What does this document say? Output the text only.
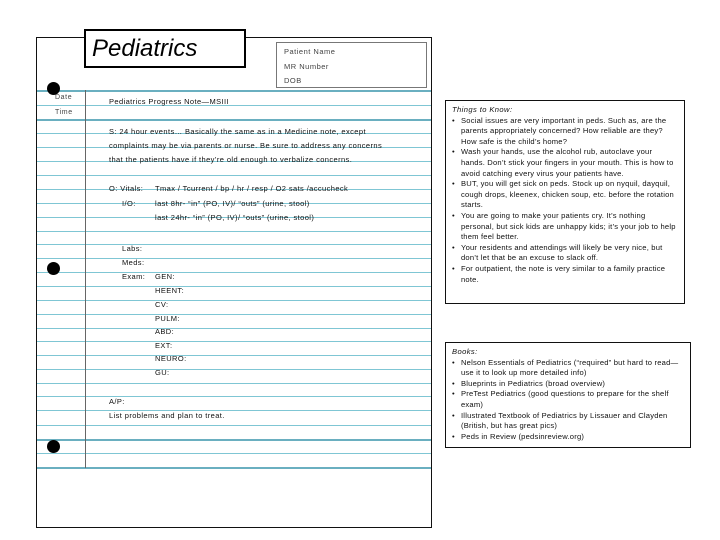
Pediatrics	Patient Name
MR Number
DOB
Date
Time
Pediatrics Progress Note—MSIII
S: 24 hour events… Basically the same as in a Medicine note, except
complaints may be via parents or nurse. Be sure to address any concerns
that the patients have if they’re old enough to verbalize concerns.
O: Vitals: Tmax / Tcurrent / bp / hr / resp / O2 sats /accucheck
I/O:	last 8hr- “in” (PO, IV)/ “outs” (urine, stool)
last 24hr- “in” (PO, IV)/ “outs” (urine, stool)
Labs:
Meds:
Exam: GEN:
HEENT:
CV:
PULM:
ABD:
EXT:
NEURO:
GU:
A/P:
List problems and plan to treat.
Things to Know:
• Social issues are very important in peds. Such as, are the parents appropriately concerned? How reliable are they? How safe is the child’s home?
• Wash your hands, use the alcohol rub, autoclave your hands. Don’t stick your fingers in your mouth. This is how to avoid catching every virus your patients have.
• BUT, you will get sick on peds. Stock up on nyquil, dayquil, cough drops, kleenex, chicken soup, etc. before the rotation starts.
• You are going to make your patients cry. It’s nothing personal, but sick kids are unhappy kids; it’s your job to help them feel better.
• Your residents and attendings will likely be very nice, but don’t let that be an excuse to slack off.
• For outpatient, the note is very similar to a family practice note.
Books:
• Nelson Essentials of Pediatrics (“required” but hard to read—use it to look up more detailed info)
• Blueprints in Pediatrics (broad overview)
• PreTest Pediatrics (good questions to prepare for the shelf exam)
• Illustrated Textbook of Pediatrics by Lissauer and Clayden (British, but has great pics)
• Peds in Review (pedsinreview.org)
